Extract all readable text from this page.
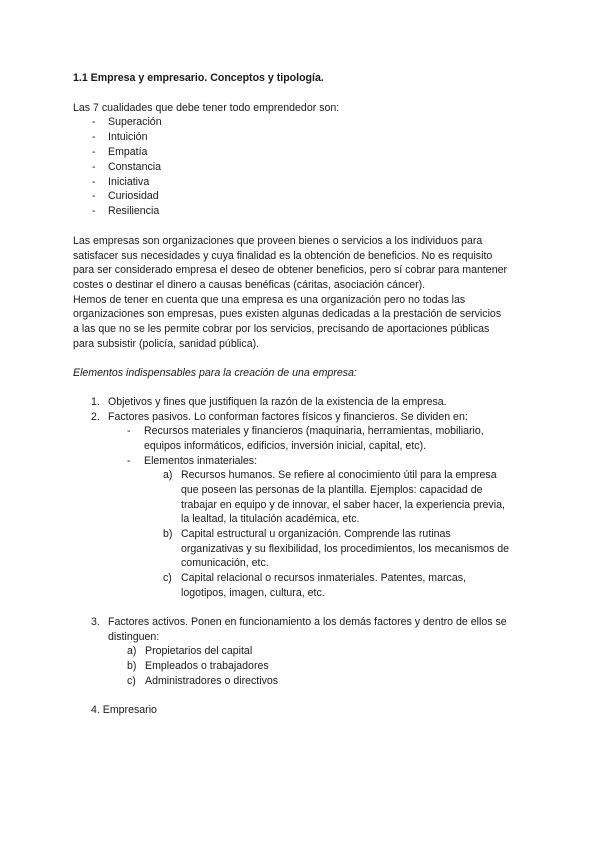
1.1 Empresa y empresario. Conceptos y tipología.
Las 7 cualidades que debe tener todo emprendedor son:
- Superación
- Intuición
- Empatía
- Constancia
- Iniciativa
- Curiosidad
- Resiliencia
Las empresas son organizaciones que proveen bienes o servicios a los individuos para
satisfacer sus necesidades y cuya finalidad es la obtención de beneficios. No es requisito
para ser considerado empresa el deseo de obtener beneficios, pero sí cobrar para mantener
costes o destinar el dinero a causas benéficas (cáritas, asociación cáncer).
Hemos de tener en cuenta que una empresa es una organización pero no todas las
organizaciones son empresas, pues existen algunas dedicadas a la prestación de servicios
a las que no se les permite cobrar por los servicios, precisando de aportaciones públicas
para subsistir (policía, sanidad pública).
Elementos indispensables para la creación de una empresa:
1. Objetivos y fines que justifiquen la razón de la existencia de la empresa.
2. Factores pasivos. Lo conforman factores físicos y financieros. Se dividen en:
- Recursos materiales y financieros (maquinaria, herramientas, mobiliario,
equipos informáticos, edificios, inversión inicial, capital, etc).
- Elementos inmateriales:
a) Recursos humanos. Se refiere al conocimiento útil para la empresa
que poseen las personas de la plantilla. Ejemplos: capacidad de
trabajar en equipo y de innovar, el saber hacer, la experiencia previa,
la lealtad, la titulación académica, etc.
b) Capital estructural u organización. Comprende las rutinas
organizativas y su flexibilidad, los procedimientos, los mecanismos de
comunicación, etc.
c) Capital relacional o recursos inmateriales. Patentes, marcas,
logotipos, imagen, cultura, etc.
3. Factores activos. Ponen en funcionamiento a los demás factores y dentro de ellos se
distinguen:
a) Propietarios del capital
b) Empleados o trabajadores
c) Administradores o directivos
4. Empresario
